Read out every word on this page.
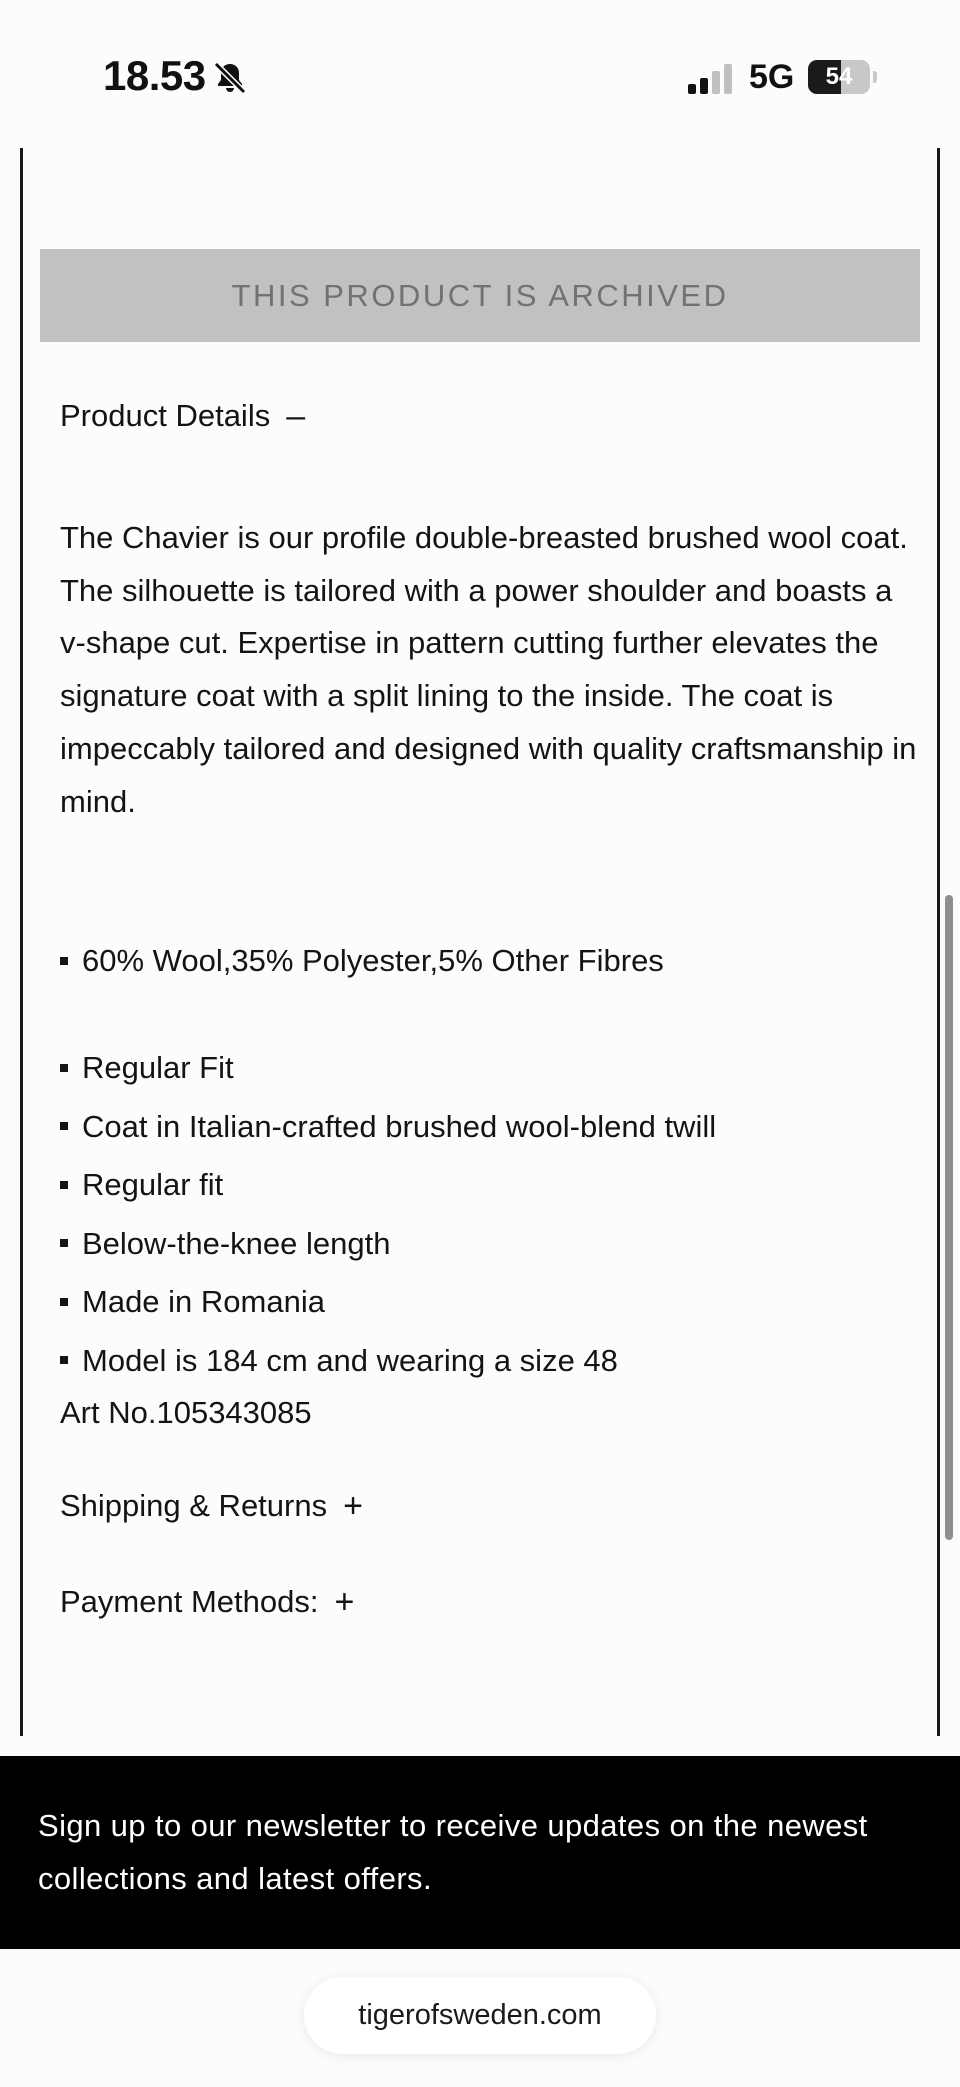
18.53	5G	54
THIS PRODUCT IS ARCHIVED
Product Details –

The Chavier is our profile double-breasted brushed wool coat. The silhouette is tailored with a power shoulder and boasts a v-shape cut. Expertise in pattern cutting further elevates the signature coat with a split lining to the inside. The coat is impeccably tailored and designed with quality craftsmanship in mind.

60% Wool,35% Polyester,5% Other Fibres
Regular Fit
Coat in Italian-crafted brushed wool-blend twill
Regular fit
Below-the-knee length
Made in Romania
Model is 184 cm and wearing a size 48
Art No.105343085
Shipping & Returns +
Payment Methods: +
Sign up to our newsletter to receive updates on the newest collections and latest offers.
tigerofsweden.com
